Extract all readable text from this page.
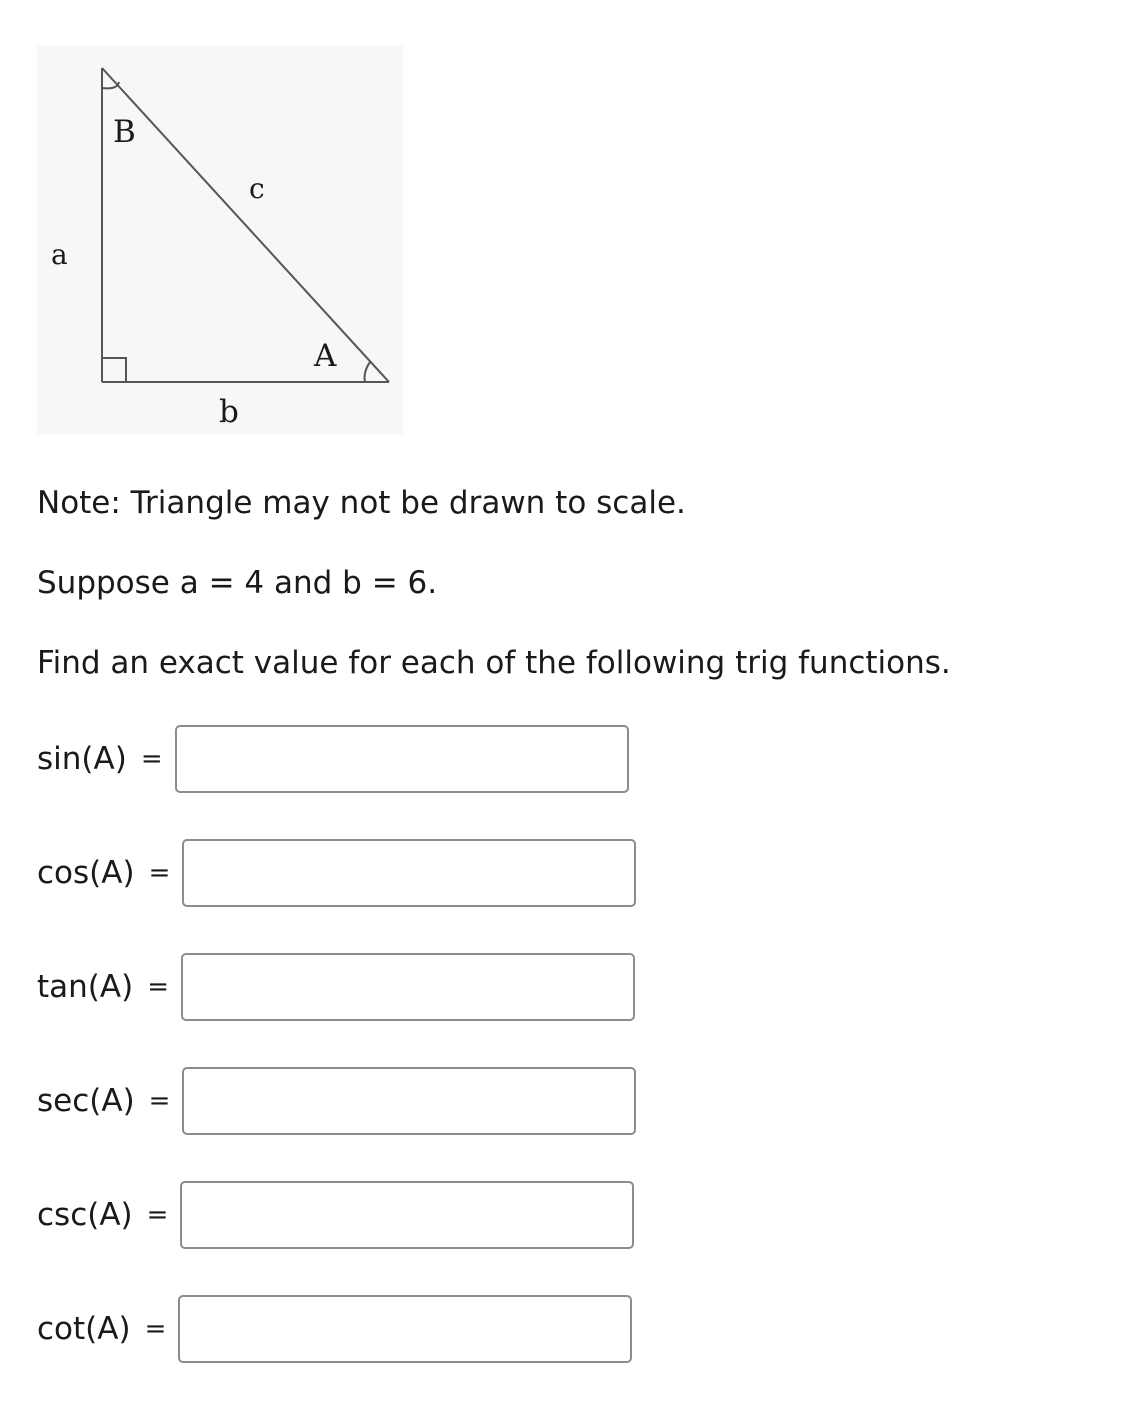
B
c
a
A
b

Note: Triangle may not be drawn to scale.

Suppose a = 4 and b = 6.

Find an exact value for each of the following trig functions.

sin(A) =
cos(A) =
tan(A) =
sec(A) =
csc(A) =
cot(A) =
